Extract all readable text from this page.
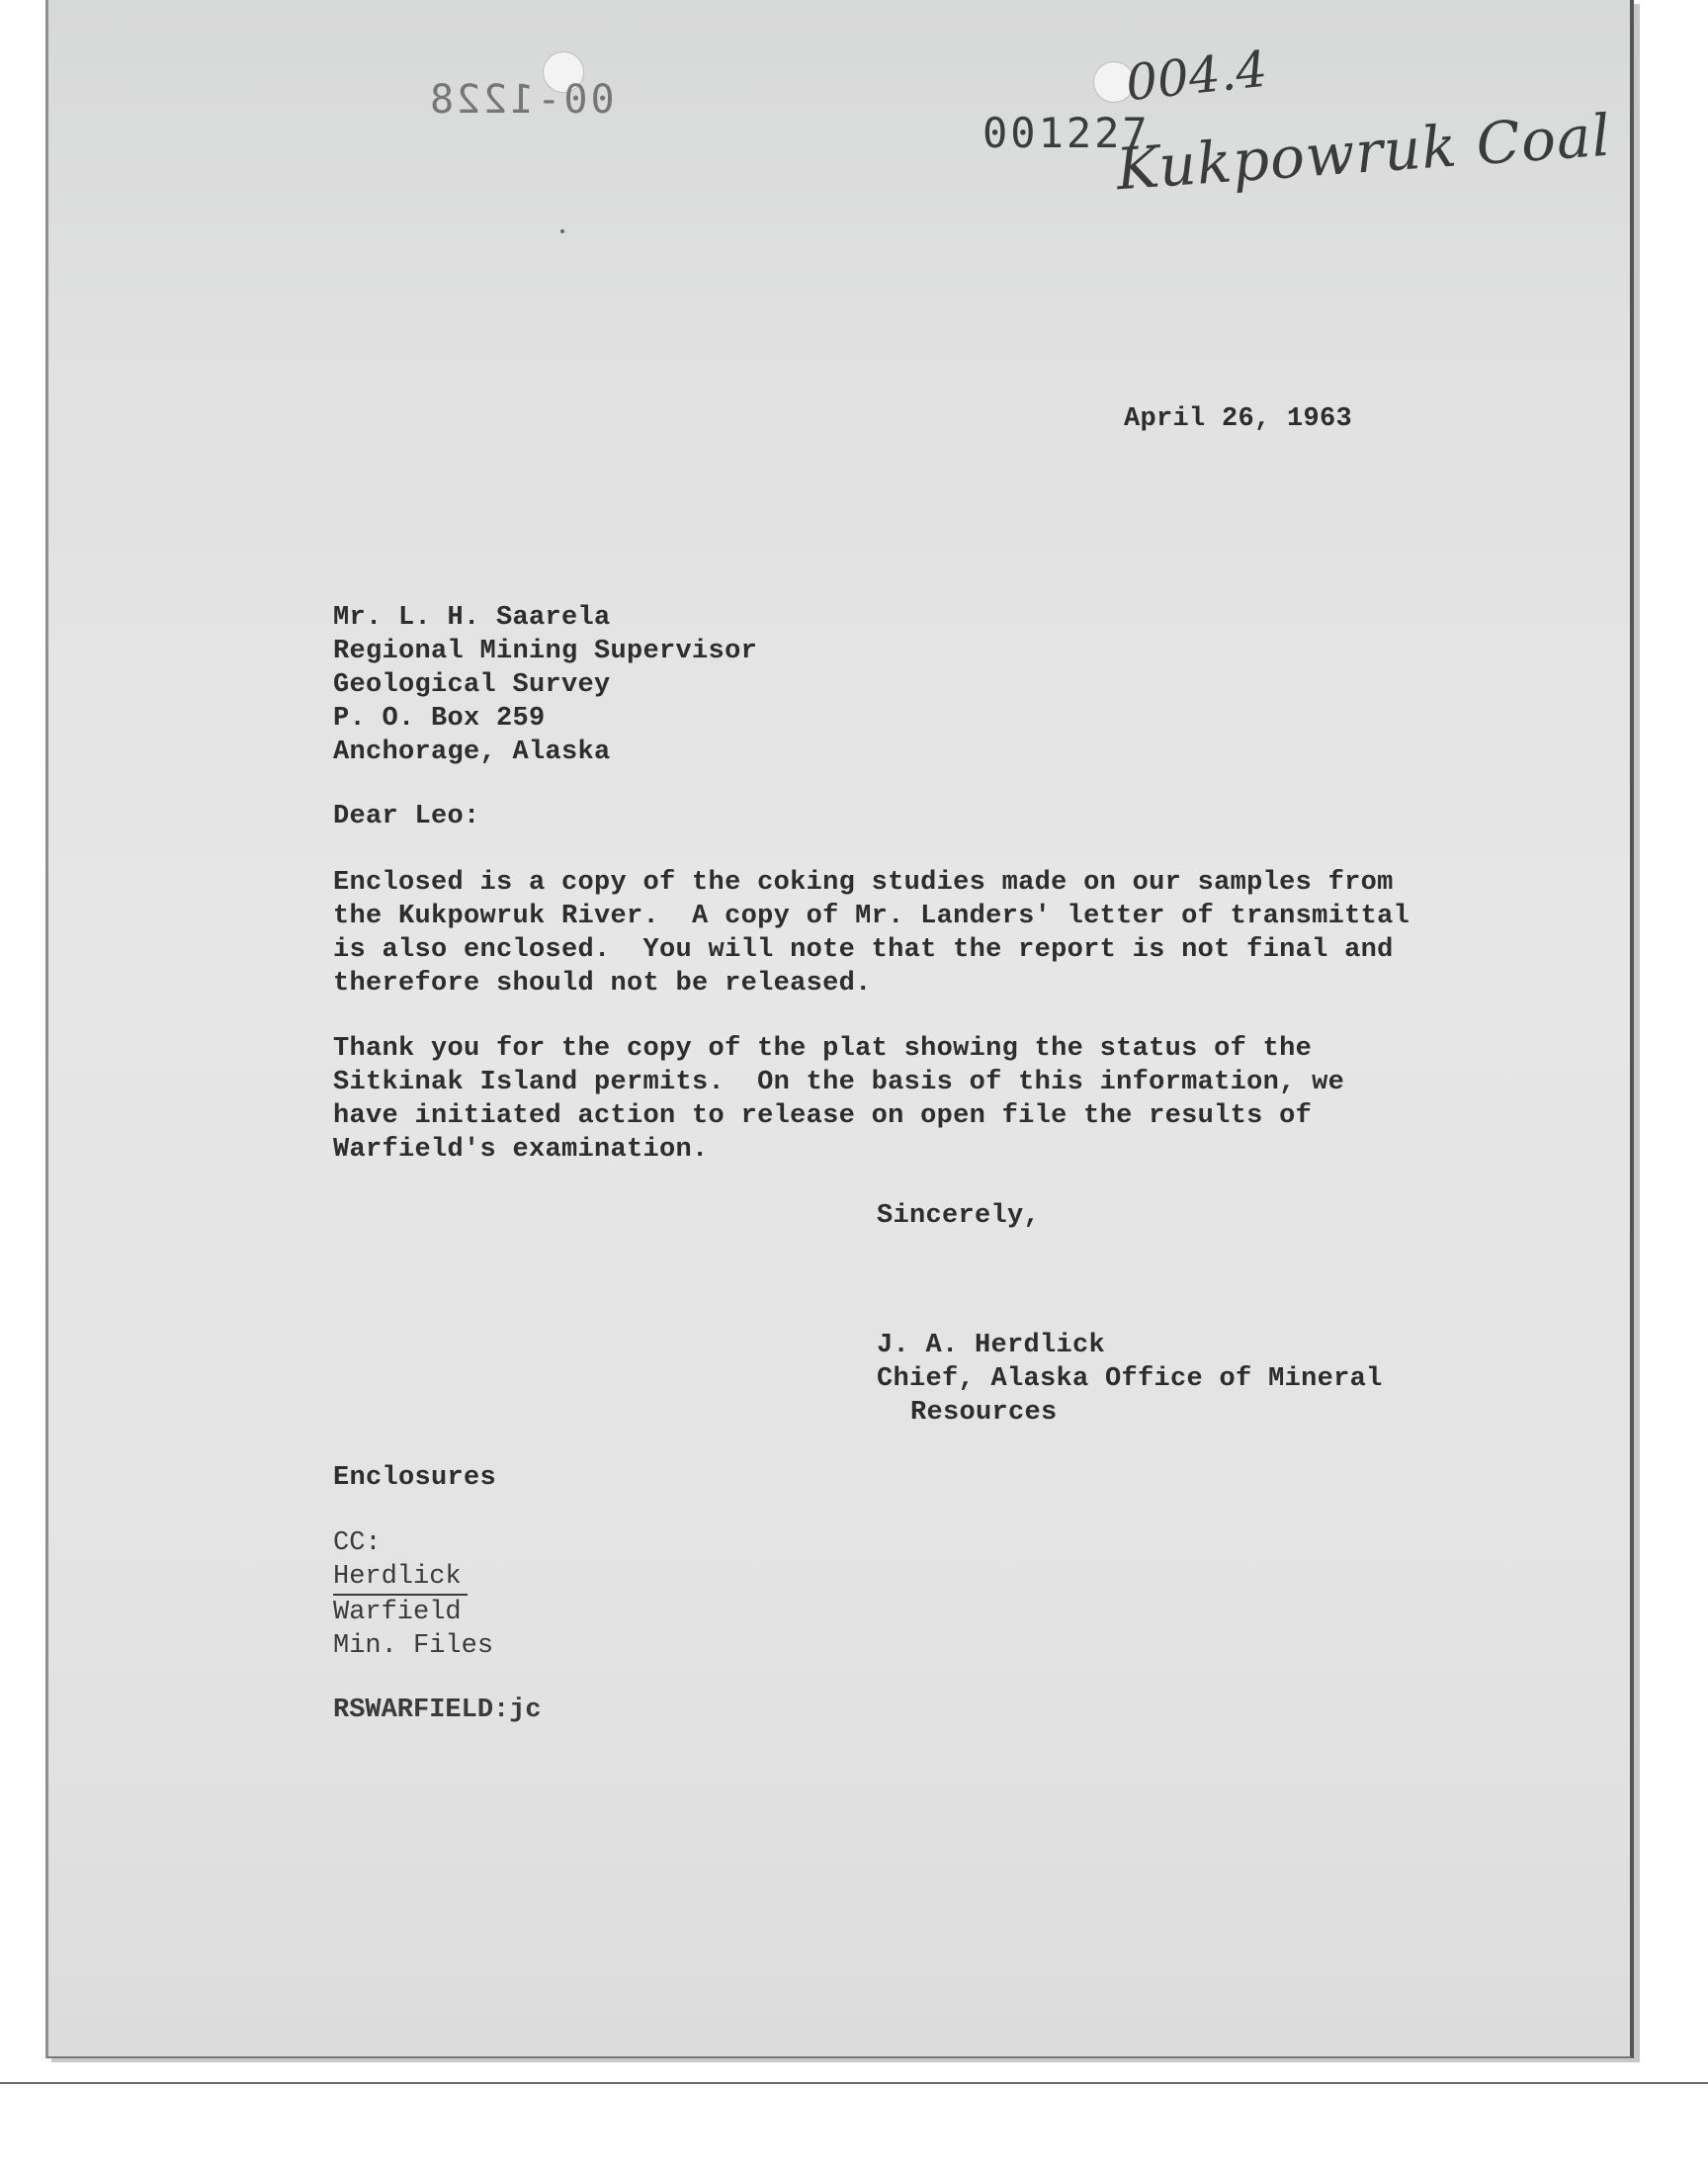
00-1228
001227
004.4
Kukpowruk Coal
April 26, 1963
Mr. L. H. Saarela
Regional Mining Supervisor
Geological Survey
P. O. Box 259
Anchorage, Alaska
Dear Leo:
Enclosed is a copy of the coking studies made on our samples from
the Kukpowruk River.  A copy of Mr. Landers' letter of transmittal
is also enclosed.  You will note that the report is not final and
therefore should not be released.
Thank you for the copy of the plat showing the status of the
Sitkinak Island permits.  On the basis of this information, we
have initiated action to release on open file the results of
Warfield's examination.
Sincerely,
J. A. Herdlick
Chief, Alaska Office of Mineral
Resources
Enclosures
CC:
Herdlick
Warfield
Min. Files
RSWARFIELD:jc
